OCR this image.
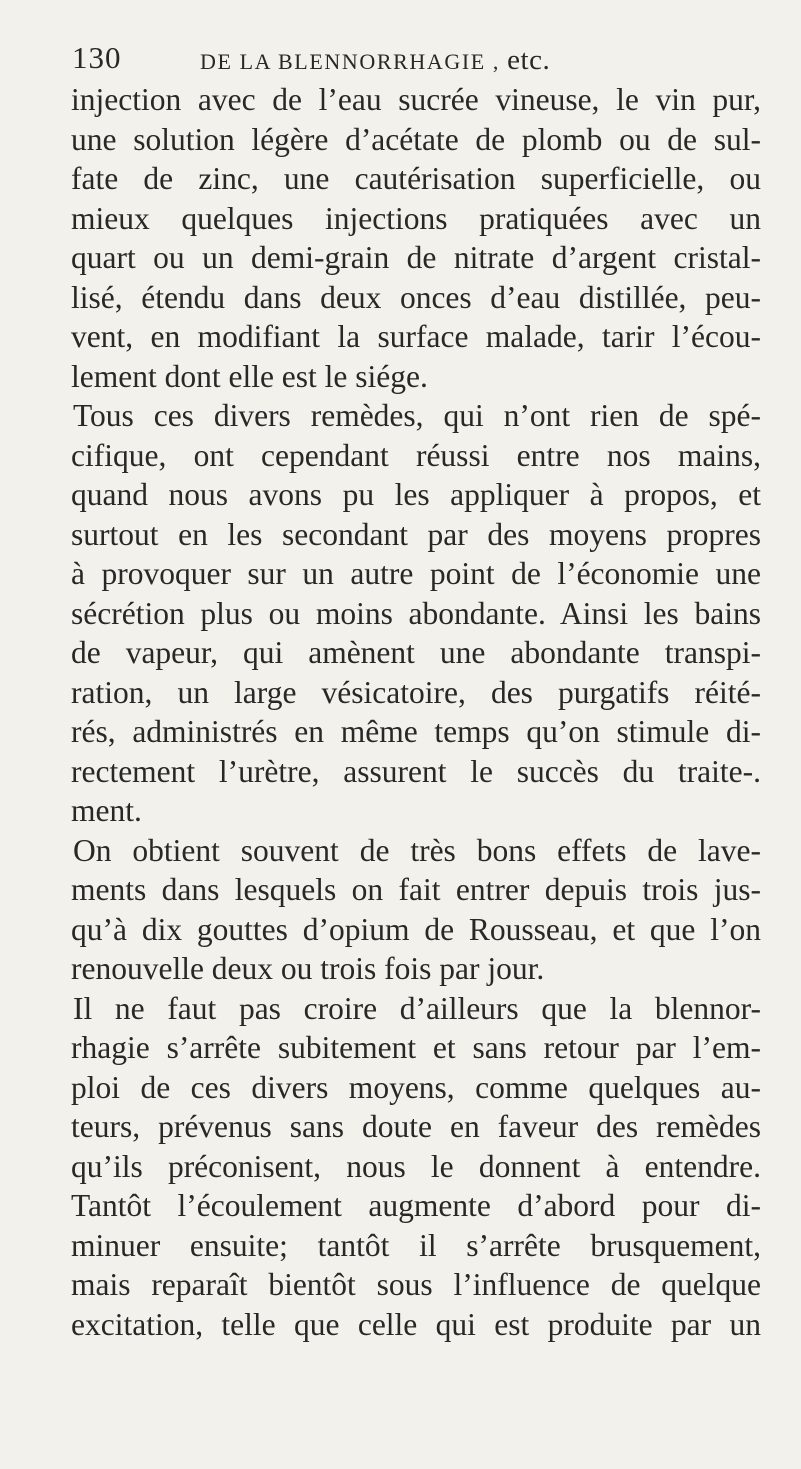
130	DE LA BLENNORRHAGIE , etc.
injection avec de l’eau sucrée vineuse, le vin pur,
une solution légère d’acétate de plomb ou de sul-
fate de zinc, une cautérisation superficielle, ou
mieux quelques injections pratiquées avec un
quart ou un demi-grain de nitrate d’argent cristal-
lisé, étendu dans deux onces d’eau distillée, peu-
vent, en modifiant la surface malade, tarir l’écou-
lement dont elle est le siége.
Tous ces divers remèdes, qui n’ont rien de spé-
cifique, ont cependant réussi entre nos mains,
quand nous avons pu les appliquer à propos, et
surtout en les secondant par des moyens propres
à provoquer sur un autre point de l’économie une
sécrétion plus ou moins abondante. Ainsi les bains
de vapeur, qui amènent une abondante transpi-
ration, un large vésicatoire, des purgatifs réité-
rés, administrés en même temps qu’on stimule di-
rectement l’urètre, assurent le succès du traite-.
ment.
On obtient souvent de très bons effets de lave-
ments dans lesquels on fait entrer depuis trois jus-
qu’à dix gouttes d’opium de Rousseau, et que l’on
renouvelle deux ou trois fois par jour.
Il ne faut pas croire d’ailleurs que la blennor-
rhagie s’arrête subitement et sans retour par l’em-
ploi de ces divers moyens, comme quelques au-
teurs, prévenus sans doute en faveur des remèdes
qu’ils préconisent, nous le donnent à entendre.
Tantôt l’écoulement augmente d’abord pour di-
minuer ensuite; tantôt il s’arrête brusquement,
mais reparaît bientôt sous l’influence de quelque
excitation, telle que celle qui est produite par un
